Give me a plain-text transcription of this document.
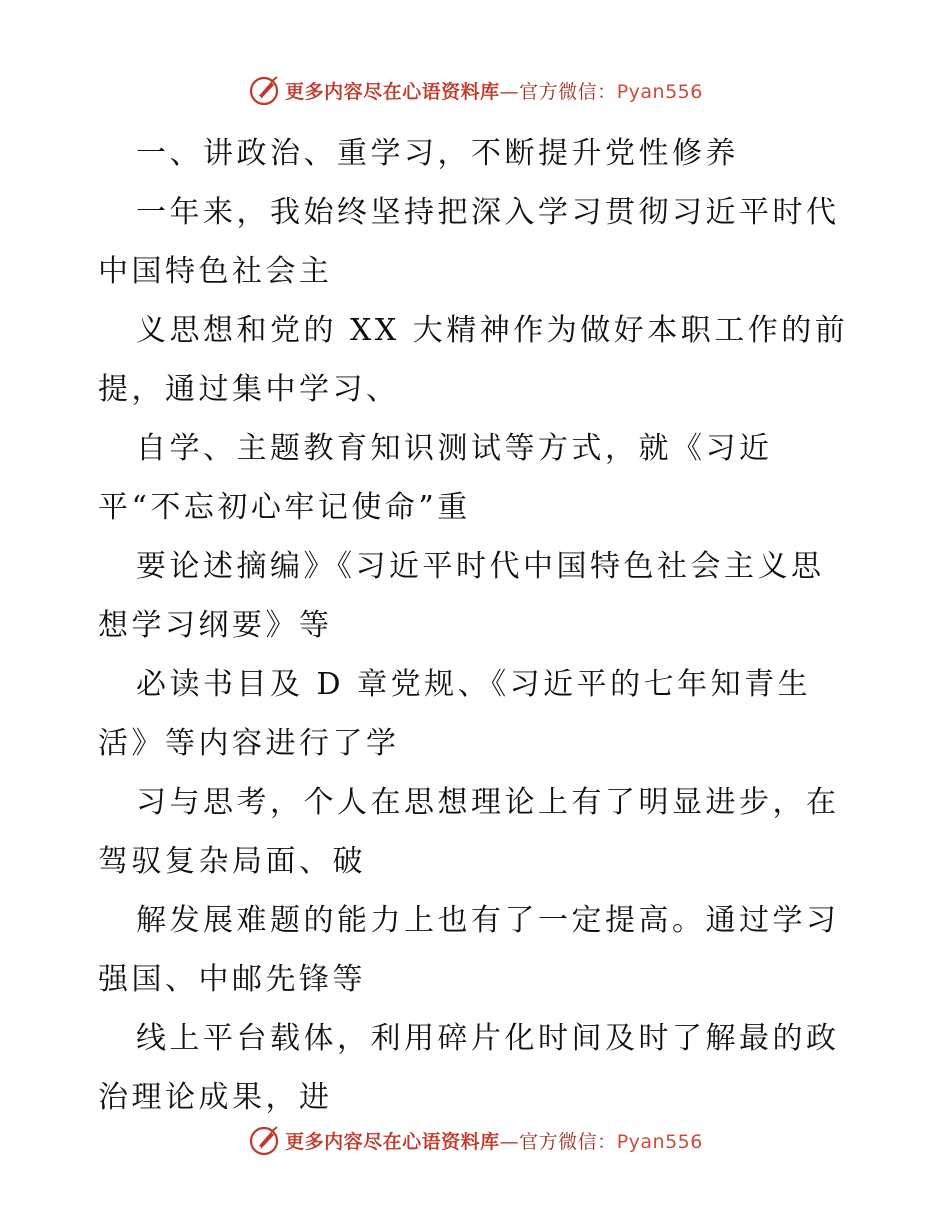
更多内容尽在心语资料库—官方微信：Pyan556
一、讲政治、重学习，不断提升党性修养
一年来，我始终坚持把深入学习贯彻习近平时代
中国特色社会主
义思想和党的 XX 大精神作为做好本职工作的前
提，通过集中学习、
自学、主题教育知识测试等方式，就《习近
平“不忘初心牢记使命”重
要论述摘编》《习近平时代中国特色社会主义思
想学习纲要》等
必读书目及 D 章党规、《习近平的七年知青生
活》等内容进行了学
习与思考，个人在思想理论上有了明显进步，在
驾驭复杂局面、破
解发展难题的能力上也有了一定提高。通过学习
强国、中邮先锋等
线上平台载体，利用碎片化时间及时了解最的政
治理论成果，进
更多内容尽在心语资料库—官方微信：Pyan556
